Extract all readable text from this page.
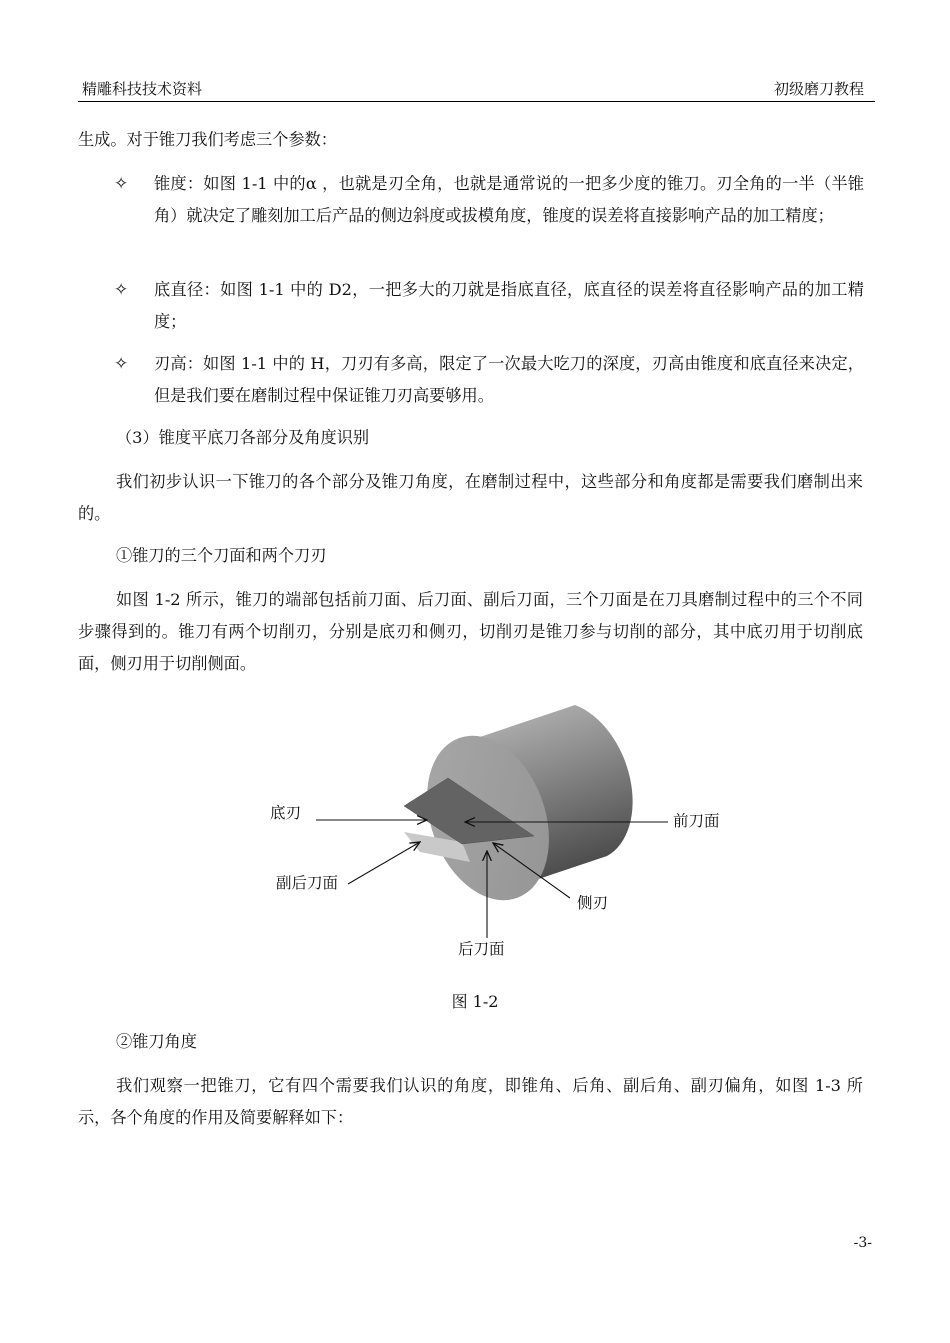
精雕科技技术资料	初级磨刀教程

生成。对于锥刀我们考虑三个参数：

✧ 锥度：如图 1-1 中的α ，也就是刃全角，也就是通常说的一把多少度的锥刀。刃全角的一半（半锥角）就决定了雕刻加工后产品的侧边斜度或拔模角度，锥度的误差将直接影响产品的加工精度；
✧ 底直径：如图 1-1 中的 D2，一把多大的刀就是指底直径，底直径的误差将直径影响产品的加工精度；
✧ 刃高：如图 1-1 中的 H，刀刃有多高，限定了一次最大吃刀的深度，刃高由锥度和底直径来决定，但是我们要在磨制过程中保证锥刀刃高要够用。
（3）锥度平底刀各部分及角度识别

我们初步认识一下锥刀的各个部分及锥刀角度，在磨制过程中，这些部分和角度都是需要我们磨制出来的。

①锥刀的三个刀面和两个刀刃

如图 1-2 所示，锥刀的端部包括前刀面、后刀面、副后刀面，三个刀面是在刀具磨制过程中的三个不同步骤得到的。锥刀有两个切削刃，分别是底刃和侧刃，切削刃是锥刀参与切削的部分，其中底刃用于切削底面，侧刃用于切削侧面。

底刃	前刀面
副后刀面
侧刃
后刀面
图 1-2
②锥刀角度

我们观察一把锥刀，它有四个需要我们认识的角度，即锥角、后角、副后角、副刃偏角，如图 1-3 所示，各个角度的作用及简要解释如下：

-3-
